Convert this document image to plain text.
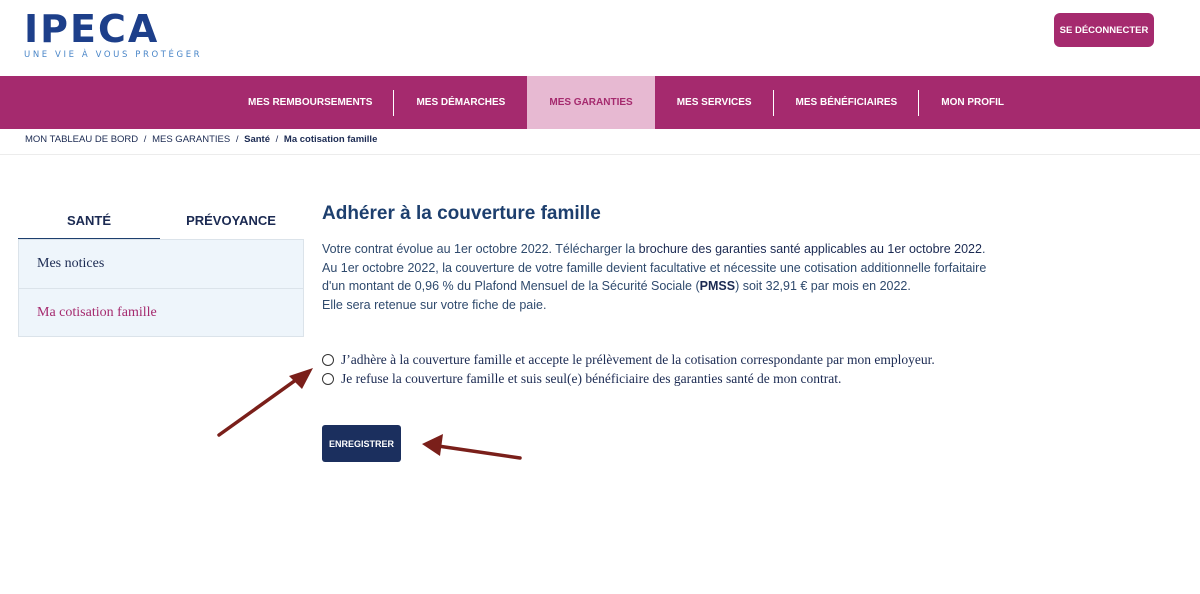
IPECA
UNE VIE À VOUS PROTÉGER
SE DÉCONNECTER
MES REMBOURSEMENTS	MES DÉMARCHES	MES GARANTIES	MES SERVICES	MES BÉNÉFICIAIRES	MON PROFIL
MON TABLEAU DE BORD / MES GARANTIES / Santé / Ma cotisation famille
SANTÉ	PRÉVOYANCE
Mes notices
Ma cotisation famille
Adhérer à la couverture famille
Votre contrat évolue au 1er octobre 2022. Télécharger la brochure des garanties santé applicables au 1er octobre 2022.
Au 1er octobre 2022, la couverture de votre famille devient facultative et nécessite une cotisation additionnelle forfaitaire d'un montant de 0,96 % du Plafond Mensuel de la Sécurité Sociale (PMSS) soit 32,91 € par mois en 2022.
Elle sera retenue sur votre fiche de paie.
J’adhère à la couverture famille et accepte le prélèvement de la cotisation correspondante par mon employeur.
Je refuse la couverture famille et suis seul(e) bénéficiaire des garanties santé de mon contrat.
ENREGISTRER
